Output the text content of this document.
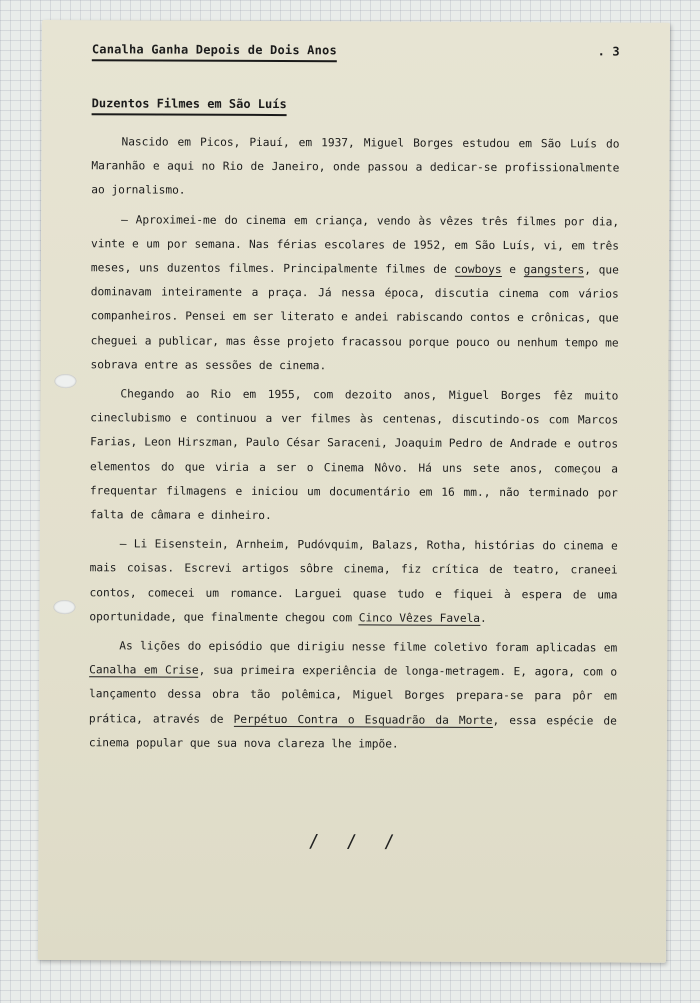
Canalha Ganha Depois de Dois Anos	. 3
Duzentos Filmes em São Luís

Nascido em Picos, Piauí, em 1937, Miguel Borges estudou em São Luís do Maranhão e aqui no Rio de Janeiro, onde passou a dedicar-se profissionalmente ao jornalismo.

— Aproximei-me do cinema em criança, vendo às vêzes três filmes por dia, vinte e um por semana. Nas férias escolares de 1952, em São Luís, vi, em três meses, uns duzentos filmes. Principalmente filmes de cowboys e gangsters, que dominavam inteiramente a praça. Já nessa época, discutia cinema com vários companheiros. Pensei em ser literato e andei rabiscando contos e crônicas, que cheguei a publicar, mas êsse projeto fracassou porque pouco ou nenhum tempo me sobrava entre as sessões de cinema.

Chegando ao Rio em 1955, com dezoito anos, Miguel Borges fêz muito cineclubismo e continuou a ver filmes às centenas, discutindo-os com Marcos Farias, Leon Hirszman, Paulo César Saraceni, Joaquim Pedro de Andrade e outros elementos do que viria a ser o Cinema Nôvo. Há uns sete anos, começou a frequentar filmagens e iniciou um documentário em 16 mm., não terminado por falta de câmara e dinheiro.

— Li Eisenstein, Arnheim, Pudóvquim, Balazs, Rotha, histórias do cinema e mais coisas. Escrevi artigos sôbre cinema, fiz crítica de teatro, craneei contos, comecei um romance. Larguei quase tudo e fiquei à espera de uma oportunidade, que finalmente chegou com Cinco Vêzes Favela.

As lições do episódio que dirigiu nesse filme coletivo foram aplicadas em Canalha em Crise, sua primeira experiência de longa-metragem. E, agora, com o lançamento dessa obra tão polêmica, Miguel Borges prepara-se para pôr em prática, através de Perpétuo Contra o Esquadrão da Morte, essa espécie de cinema popular que sua nova clareza lhe impõe.

/ / /
